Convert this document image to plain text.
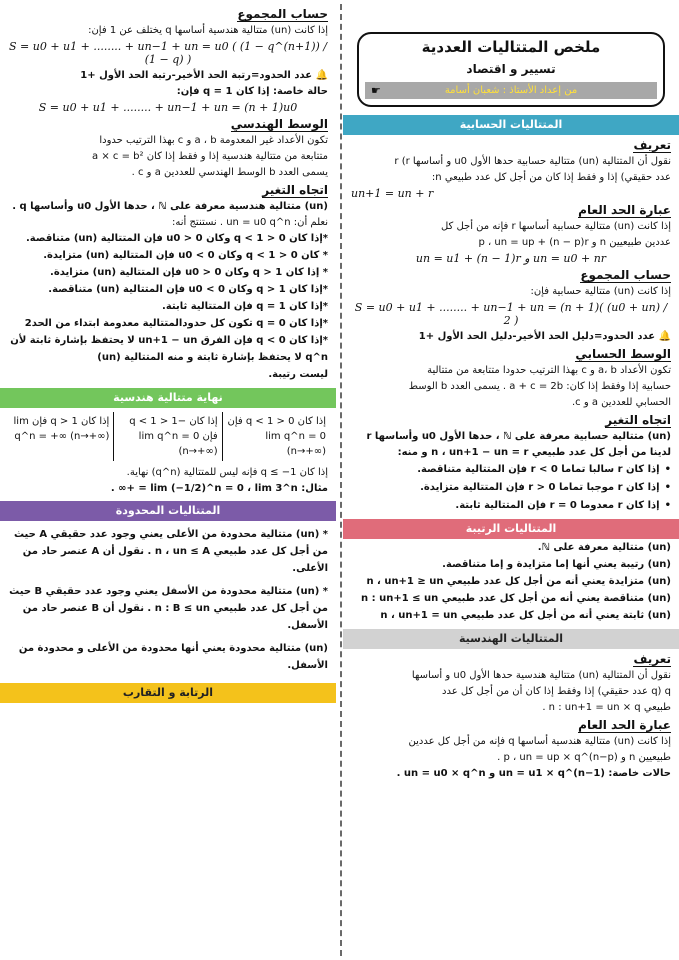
ملخص المتتاليات العددية
تسيير و اقتصاد
من إعداد الأستاذ : شعبان أسامة
☛
المتتاليات الحسابية
تعريف
نقول أن المتتالية (un) متتالية حسابية حدها الأول u0 و أساسها r (r
عدد حقيقي) إذا و فقط إذا كان من أجل كل عدد طبيعي n:
un+1 = un + r
عبارة الحد العام
إذا كانت (un) متتالية حسابية أساسها r فإنه من أجل كل
عددين طبيعيين n و p ، un = up + (n − p)r
un = u1 + (n − 1)r و un = u0 + nr
حساب المجموع
إذا كانت (un) متتالية حسابية فإن:
S = u0 + u1 + ........ + un−1 + un = (n + 1)( (u0 + un) / 2 )
🔔 عدد الحدود=دليل الحد الأخير-دليل الحد الأول +1
الوسط الحسابي
تكون الأعداد a، b و c بهذا الترتيب حدودا متتابعة من متتالية
حسابية إذا وفقط إذا كان: a + c = 2b . يسمى العدد b الوسط
الحسابي للعددين a و c.
اتجاه التغير
(un) متتالية حسابية معرفة على ℕ ، حدها الأول u0 وأساسها r
لدينا من أجل كل عدد طبيعي n ، un+1 − un = r و منه:
• إذا كان r سالبا تماما r < 0 فإن المتتالية متناقصة.
• إذا كان r موجبا تماما r > 0 فإن المتتالية متزايدة.
• إذا كان r معدوما r = 0 فإن المتتالية ثابتة.
المتتاليات الرتيبة
(un) متتالية معرفة على ℕ.
(un) رتيبة يعني أنها إما متزايدة و إما متناقصة.
(un) متزايدة يعني أنه من أجل كل عدد طبيعي n ، un+1 ≥ un
(un) متناقصة يعني أنه من أجل كل عدد طبيعي n : un+1 ≤ un
(un) ثابتة يعني أنه من أجل كل عدد طبيعي n ، un+1 = un
المتتاليات الهندسية
تعريف
نقول أن المتتالية (un) متتالية هندسية حدها الأول u0 و أساسها
q (q عدد حقيقي) إذا وفقط إذا كان أن من أجل كل عدد
طبيعي n : un+1 = un × q .
عبارة الحد العام
إذا كانت (un) متتالية هندسية أساسها q فإنه من أجل كل عددين
طبيعيين n و p ، un = up × q^(n−p) .
حالات خاصة: un = u1 × q^(n−1) و un = u0 × q^n .
حساب المجموع
إذا كانت (un) متتالية هندسية أساسها q يختلف عن 1 فإن:
S = u0 + u1 + ........ + un−1 + un = u0 ( (1 − q^(n+1)) / (1 − q) )
🔔 عدد الحدود=رتبة الحد الأخير-رتبة الحد الأول +1
حالة خاصة: إذا كان q = 1 فإن:
S = u0 + u1 + ........ + un−1 + un = (n + 1)u0
الوسط الهندسي
تكون الأعداد غير المعدومة a ، b و c بهذا الترتيب حدودا
متتابعة من متتالية هندسية إذا و فقط إذا كان a × c = b²
يسمى العدد b الوسط الهندسي للعددين a و c .
اتجاه التغير
(un) متتالية هندسية معرفة على ℕ ، حدها الأول u0 وأساسها q .
نعلم أن: un = u0 q^n . نستنتج أنه:
*إذا كان 0 < q < 1 وكان u0 > 0 فإن المتتالية (un) متناقصة.
* كان 0 < q < 1 وكان u0 < 0 فإن المتتالية (un) متزايدة.
* إذا كان q > 1 وكان u0 > 0 فإن المتتالية (un) متزايدة.
*إذا كان q > 1 وكان u0 < 0 فإن المتتالية (un) متناقصة.
*إذا كان q = 1 فإن المتتالية ثابتة.
*إذا كان q = 0 تكون كل حدودالمتتالية معدومة ابتداء من الحد2
*إذا كان q < 0 فإن الفرق un+1 − un لا يحتفظ بإشارة ثابتة لأن
q^n لا يحتفظ بإشارة ثابتة و منه المتتالية (un)
ليست رتيبة.
نهاية متتالية هندسية
إذا كان 0 < q < 1 فإن lim q^n = 0 (n→+∞)
إذا كان −1 < q < 1 فإن lim q^n = 0 (n→+∞)
إذا كان q > 1 فإن lim q^n = +∞ (n→+∞)
إذا كان q ≤ −1 فإنه ليس للمتتالية (q^n) نهاية.
مثال: lim (−1/2)^n = 0 ، lim 3^n = +∞ .
المتتاليات المحدودة
* (un) متتالية محدودة من الأعلى يعني وجود عدد حقيقي A حيث من أجل كل عدد طبيعي n ، un ≤ A . نقول أن A عنصر حاد من الأعلى.
* (un) متتالية محدودة من الأسفل يعني وجود عدد حقيقي B حيث من أجل كل عدد طبيعي n : B ≤ un . نقول أن B عنصر حاد من الأسفل.
(un) متتالية محدودة يعني أنها محدودة من الأعلى و محدودة من الأسفل.
الرتابة و التقارب
